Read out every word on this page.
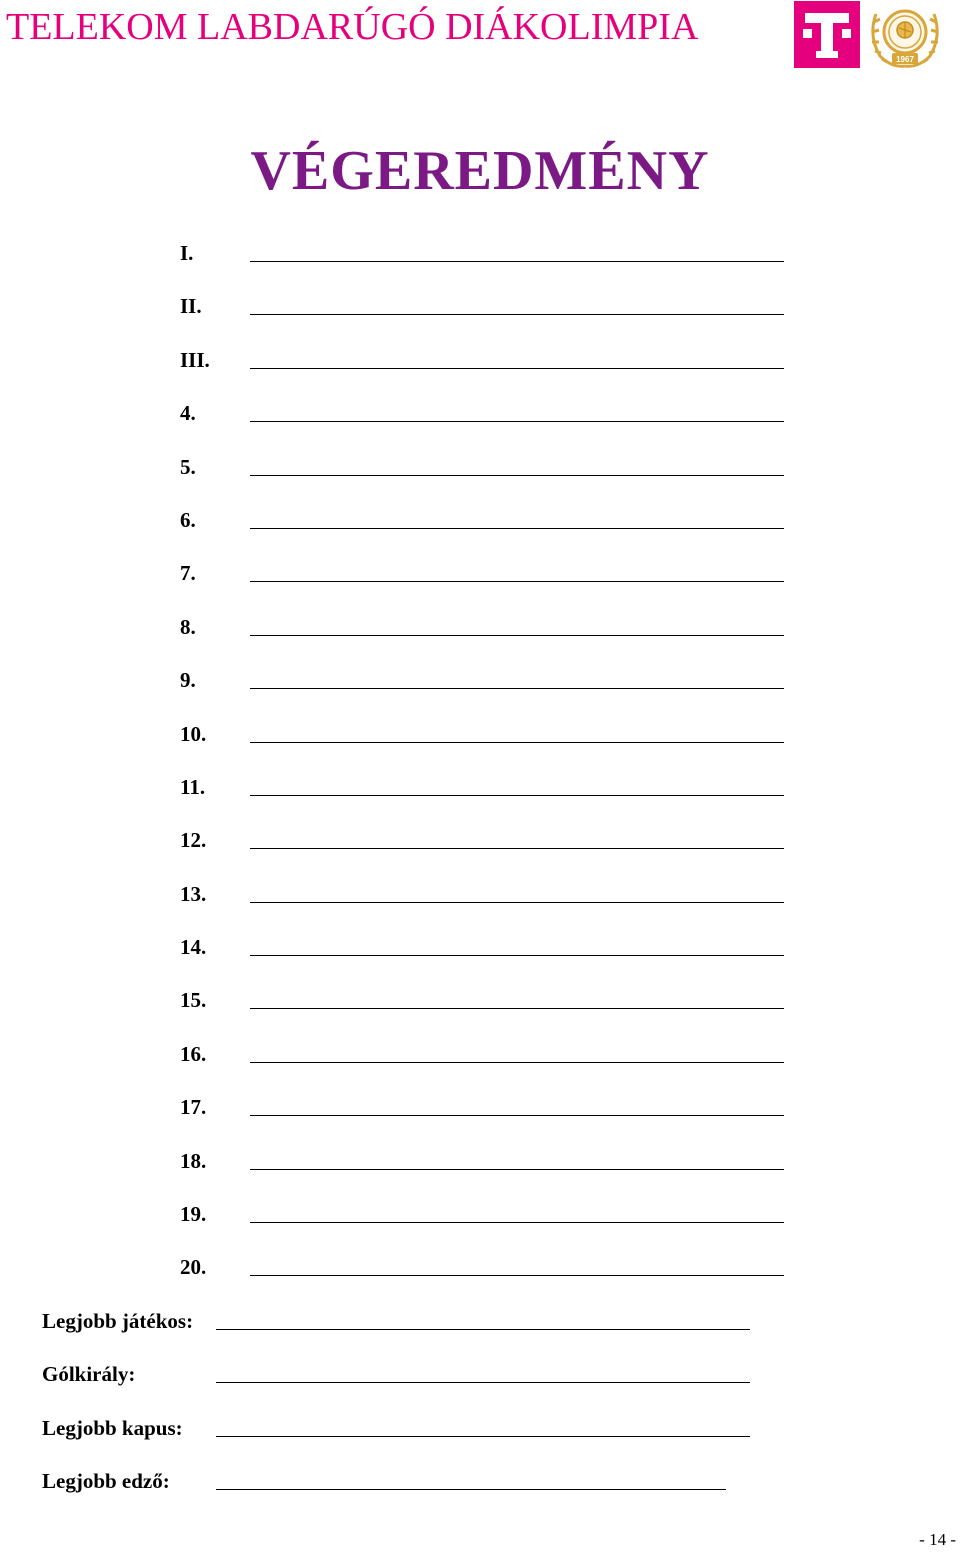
TELEKOM LABDARÚGÓ DIÁKOLIMPIA
1967
VÉGEREDMÉNY
I.
II.
III.
4.
5.
6.
7.
8.
9.
10.
11.
12.
13.
14.
15.
16.
17.
18.
19.
20.
Legjobb játékos:
Gólkirály:
Legjobb kapus:
Legjobb edző:
- 14 -
